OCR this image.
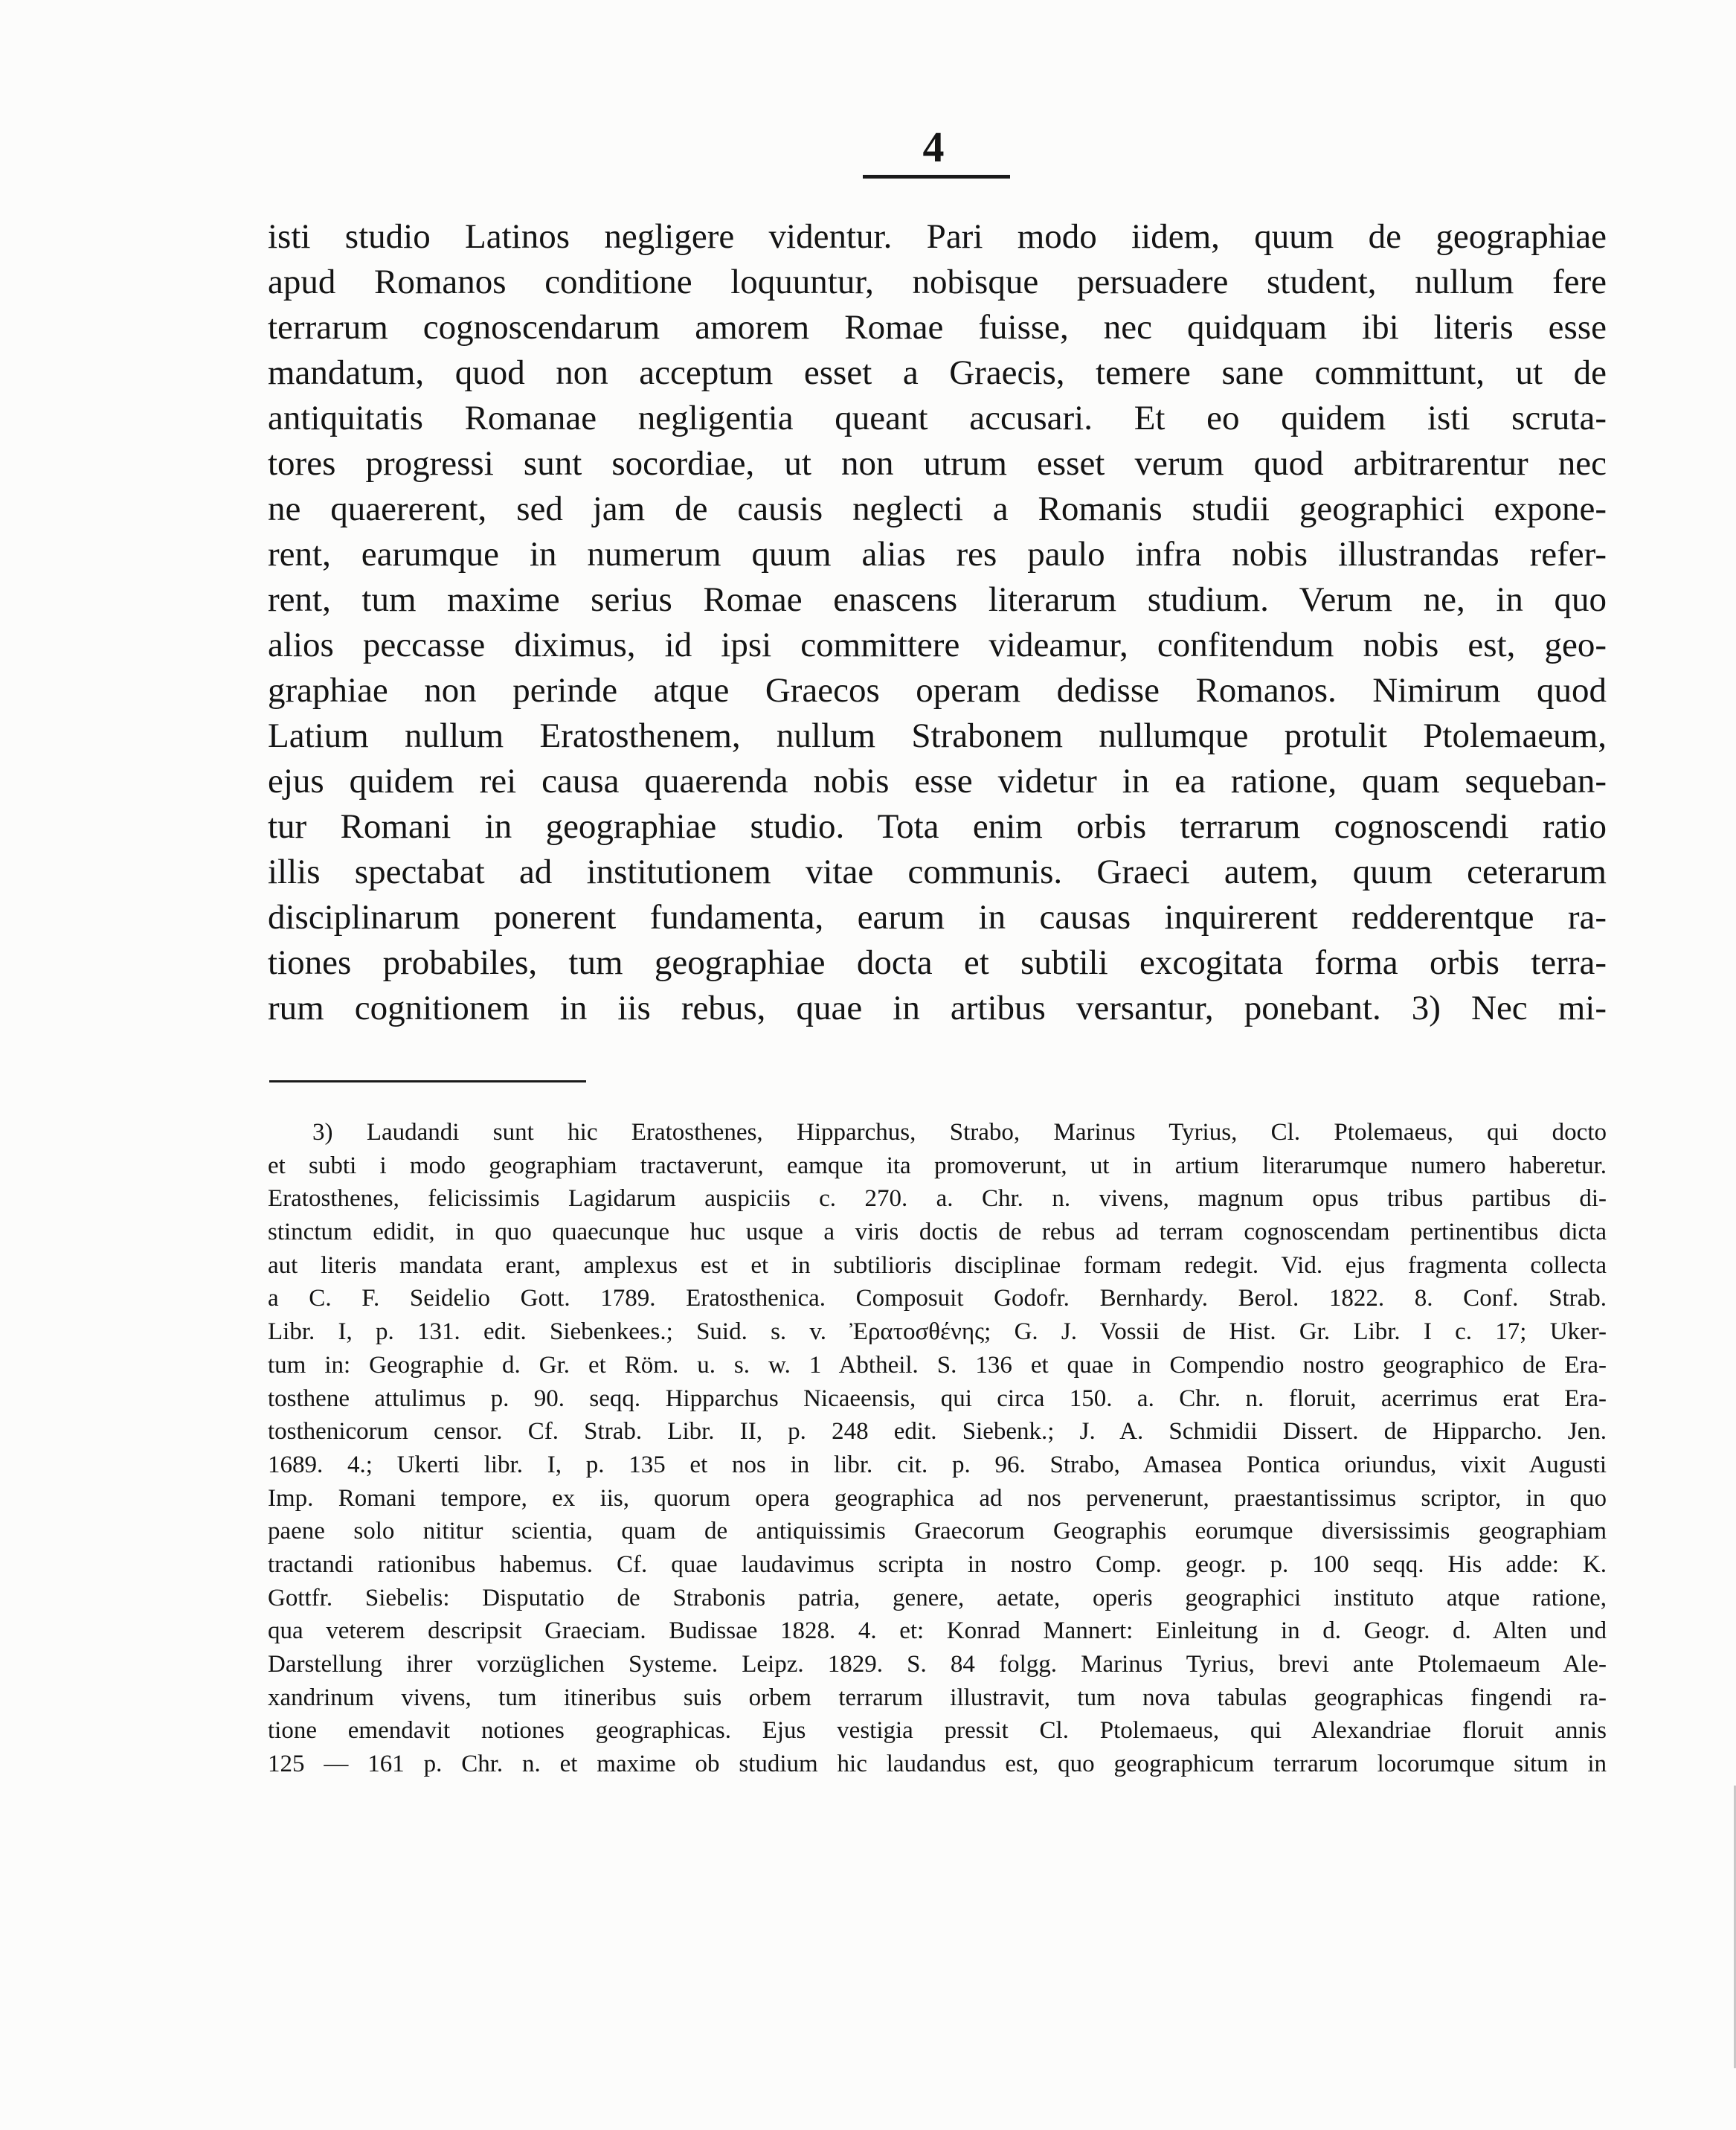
4
isti studio Latinos negligere videntur. Pari modo iidem, quum de geographiae
apud Romanos conditione loquuntur, nobisque persuadere student, nullum fere
terrarum cognoscendarum amorem Romae fuisse, nec quidquam ibi literis esse
mandatum, quod non acceptum esset a Graecis, temere sane committunt, ut de
antiquitatis Romanae negligentia queant accusari. Et eo quidem isti scruta-
tores progressi sunt socordiae, ut non utrum esset verum quod arbitrarentur nec
ne quaererent, sed jam de causis neglecti a Romanis studii geographici expone-
rent, earumque in numerum quum alias res paulo infra nobis illustrandas refer-
rent, tum maxime serius Romae enascens literarum studium. Verum ne, in quo
alios peccasse diximus, id ipsi committere videamur, confitendum nobis est, geo-
graphiae non perinde atque Graecos operam dedisse Romanos. Nimirum quod
Latium nullum Eratosthenem, nullum Strabonem nullumque protulit Ptolemaeum,
ejus quidem rei causa quaerenda nobis esse videtur in ea ratione, quam sequeban-
tur Romani in geographiae studio. Tota enim orbis terrarum cognoscendi ratio
illis spectabat ad institutionem vitae communis. Graeci autem, quum ceterarum
disciplinarum ponerent fundamenta, earum in causas inquirerent redderentque ra-
tiones probabiles, tum geographiae docta et subtili excogitata forma orbis terra-
rum cognitionem in iis rebus, quae in artibus versantur, ponebant. 3) Nec mi-
3) Laudandi sunt hic Eratosthenes, Hipparchus, Strabo, Marinus Tyrius, Cl. Ptolemaeus, qui docto
et subti i modo geographiam tractaverunt, eamque ita promoverunt, ut in artium literarumque numero haberetur.
Eratosthenes, felicissimis Lagidarum auspiciis c. 270. a. Chr. n. vivens, magnum opus tribus partibus di-
stinctum edidit, in quo quaecunque huc usque a viris doctis de rebus ad terram cognoscendam pertinentibus dicta
aut literis mandata erant, amplexus est et in subtilioris disciplinae formam redegit. Vid. ejus fragmenta collecta
a C. F. Seidelio Gott. 1789. Eratosthenica. Composuit Godofr. Bernhardy. Berol. 1822. 8. Conf. Strab.
Libr. I, p. 131. edit. Siebenkees.; Suid. s. v. Ἐρατοσθένης; G. J. Vossii de Hist. Gr. Libr. I c. 17; Uker-
tum in: Geographie d. Gr. et Röm. u. s. w. 1 Abtheil. S. 136 et quae in Compendio nostro geographico de Era-
tosthene attulimus p. 90. seqq. Hipparchus Nicaeensis, qui circa 150. a. Chr. n. floruit, acerrimus erat Era-
tosthenicorum censor. Cf. Strab. Libr. II, p. 248 edit. Siebenk.; J. A. Schmidii Dissert. de Hipparcho. Jen.
1689. 4.; Ukerti libr. I, p. 135 et nos in libr. cit. p. 96. Strabo, Amasea Pontica oriundus, vixit Augusti
Imp. Romani tempore, ex iis, quorum opera geographica ad nos pervenerunt, praestantissimus scriptor, in quo
paene solo nititur scientia, quam de antiquissimis Graecorum Geographis eorumque diversissimis geographiam
tractandi rationibus habemus. Cf. quae laudavimus scripta in nostro Comp. geogr. p. 100 seqq. His adde: K.
Gottfr. Siebelis: Disputatio de Strabonis patria, genere, aetate, operis geographici instituto atque ratione,
qua veterem descripsit Graeciam. Budissae 1828. 4. et: Konrad Mannert: Einleitung in d. Geogr. d. Alten und
Darstellung ihrer vorzüglichen Systeme. Leipz. 1829. S. 84 folgg. Marinus Tyrius, brevi ante Ptolemaeum Ale-
xandrinum vivens, tum itineribus suis orbem terrarum illustravit, tum nova tabulas geographicas fingendi ra-
tione emendavit notiones geographicas. Ejus vestigia pressit Cl. Ptolemaeus, qui Alexandriae floruit annis
125 — 161 p. Chr. n. et maxime ob studium hic laudandus est, quo geographicum terrarum locorumque situm in
